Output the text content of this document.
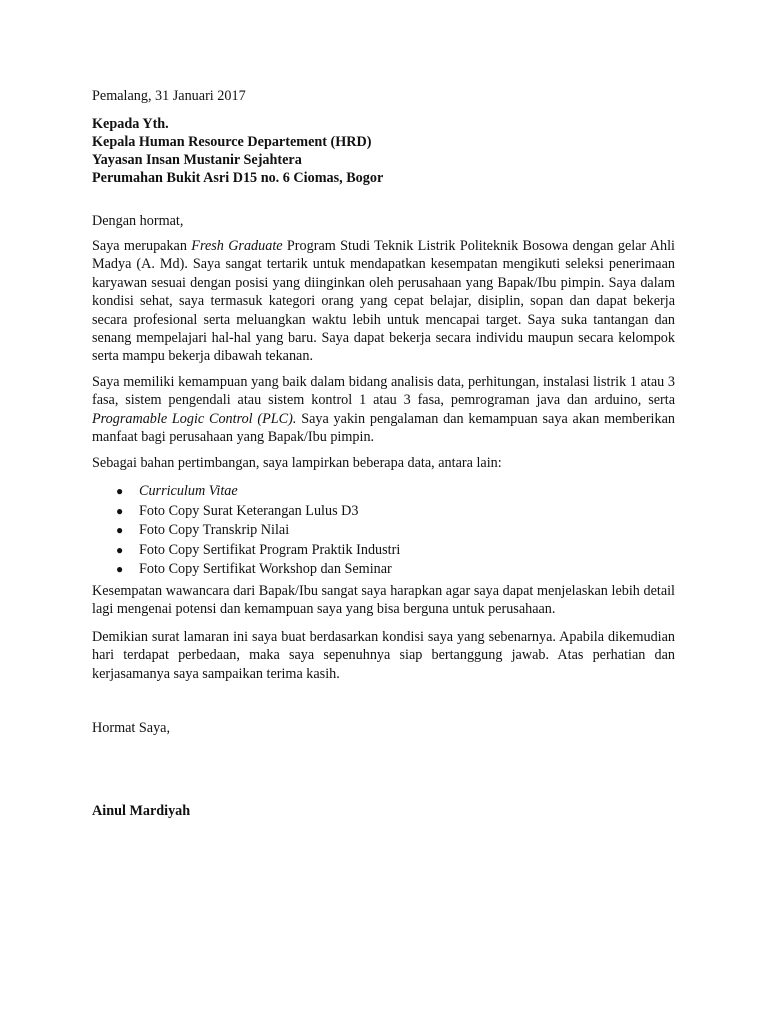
Pemalang, 31 Januari 2017
Kepada Yth.
Kepala Human Resource Departement (HRD)
Yayasan Insan Mustanir Sejahtera
Perumahan Bukit Asri D15 no. 6 Ciomas, Bogor
Dengan hormat,
Saya merupakan Fresh Graduate Program Studi Teknik Listrik Politeknik Bosowa dengan gelar Ahli Madya (A. Md). Saya sangat tertarik untuk mendapatkan kesempatan mengikuti seleksi penerimaan karyawan sesuai dengan posisi yang diinginkan oleh perusahaan yang Bapak/Ibu pimpin. Saya dalam kondisi sehat, saya termasuk kategori orang yang cepat belajar, disiplin, sopan dan dapat bekerja secara profesional serta meluangkan waktu lebih untuk mencapai target. Saya suka tantangan dan senang mempelajari hal-hal yang baru. Saya dapat bekerja secara individu maupun secara kelompok serta mampu bekerja dibawah tekanan.
Saya memiliki kemampuan yang baik dalam bidang analisis data, perhitungan, instalasi listrik 1 atau 3 fasa, sistem pengendali atau sistem kontrol 1 atau 3 fasa, pemrograman java dan arduino, serta Programable Logic Control (PLC). Saya yakin pengalaman dan kemampuan saya akan memberikan manfaat bagi perusahaan yang Bapak/Ibu pimpin.
Sebagai bahan pertimbangan, saya lampirkan beberapa data, antara lain:
● Curriculum Vitae
● Foto Copy Surat Keterangan Lulus D3
● Foto Copy Transkrip Nilai
● Foto Copy Sertifikat Program Praktik Industri
● Foto Copy Sertifikat Workshop dan Seminar
Kesempatan wawancara dari Bapak/Ibu sangat saya harapkan agar saya dapat menjelaskan lebih detail lagi mengenai potensi dan kemampuan saya yang bisa berguna untuk perusahaan.
Demikian surat lamaran ini saya buat berdasarkan kondisi saya yang sebenarnya. Apabila dikemudian hari terdapat perbedaan, maka saya sepenuhnya siap bertanggung jawab. Atas perhatian dan kerjasamanya saya sampaikan terima kasih.
Hormat Saya,
Ainul Mardiyah
